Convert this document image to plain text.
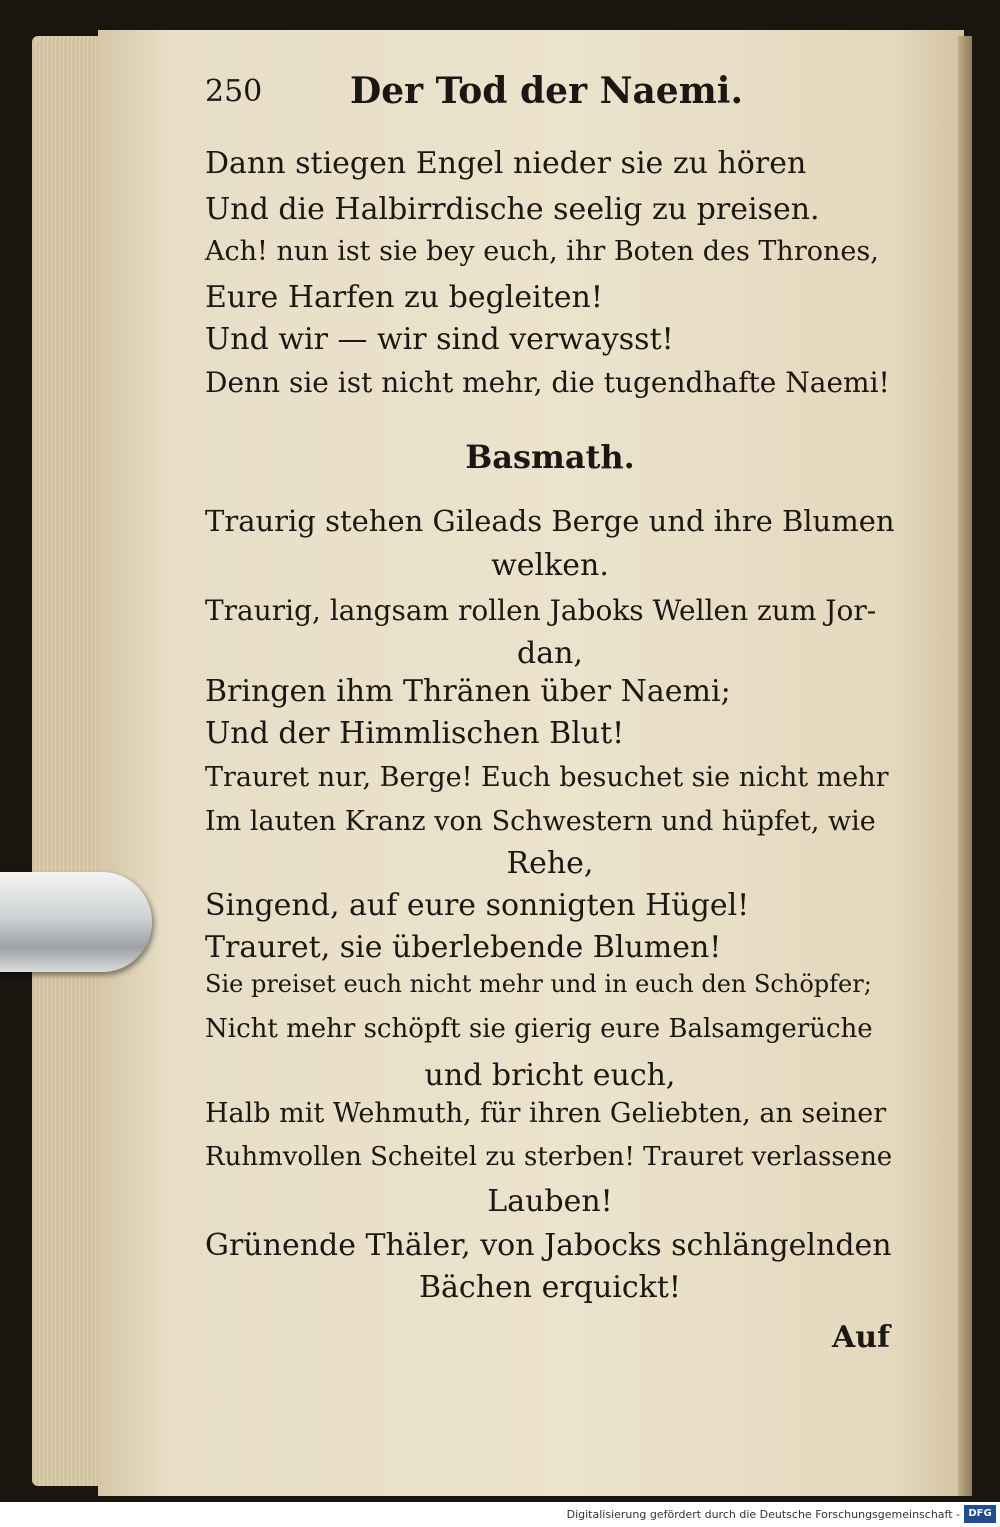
250 Der Tod der Naemi.
Dann stiegen Engel nieder sie zu hören
Und die Halbirrdische seelig zu preisen.
Ach! nun ist sie bey euch, ihr Boten des Thrones,
Eure Harfen zu begleiten!
Und wir — wir sind verwaysst!
Denn sie ist nicht mehr, die tugendhafte Naemi!
Basmath.
Traurig stehen Gileads Berge und ihre Blumen
welken.
Traurig, langsam rollen Jaboks Wellen zum Jor-
dan,
Bringen ihm Thränen über Naemi;
Und der Himmlischen Blut!
Trauret nur, Berge! Euch besuchet sie nicht mehr
Im lauten Kranz von Schwestern und hüpfet, wie
Rehe,
Singend, auf eure sonnigten Hügel!
Trauret, sie überlebende Blumen!
Sie preiset euch nicht mehr und in euch den Schöpfer;
Nicht mehr schöpft sie gierig eure Balsamgerüche
und bricht euch,
Halb mit Wehmuth, für ihren Geliebten, an seiner
Ruhmvollen Scheitel zu sterben! Trauret verlassene
Lauben!
Grünende Thäler, von Jabocks schlängelnden
Bächen erquickt!
Auf
Digitalisierung gefördert durch die Deutsche Forschungsgemeinschaft - DFG
